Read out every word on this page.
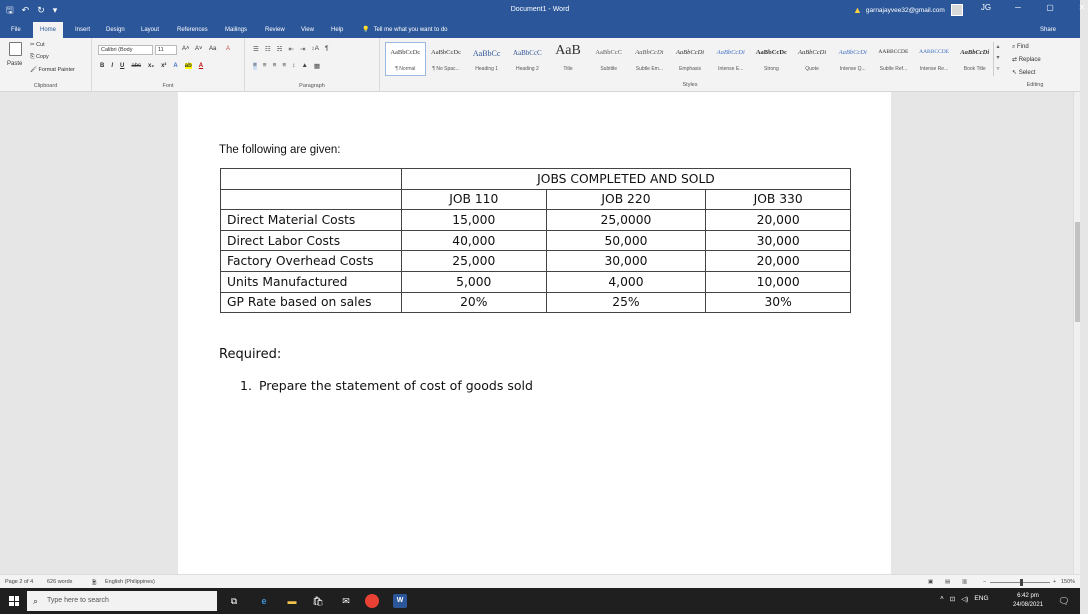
🖫 ↶ ↻ ▾	Document1 - Word	▲ garnajayvee32@gmail.com	JG	─	▢	✕
File	Home	Insert	Design	Layout	References	Mailings	Review	View	Help	💡 Tell me what you want to do	Share
Paste
✂ Cut
⎘ Copy
🖌 Format Painter
Clipboard
Calibri (Body	11	A˄ A˅ Aa A
B I U abc x₂ x² A ab A
Font
☰ ☷ ☵ ⇤ ⇥ ↕A ¶
≡ ≡ ≡ ≡ ↕ ▲ ▦
Paragraph
AaBbCcDc
¶ Normal
AaBbCcDc
¶ No Spac...
AaBbCc
Heading 1
AaBbCcC
Heading 2
AaB
Title
AaBbCcC
Subtitle
AaBbCcDi
Subtle Em...
AaBbCcDi
Emphasis
AaBbCcDi
Intense E...
AaBbCcDc
Strong
AaBbCcDi
Quote
AaBbCcDi
Intense Q...
AABBCCDE
Subtle Ref...
AABBCCDE
Intense Re...
AaBbCcDi
Book Title
▴
▾
▿
Styles
⌕ Find
⇄ Replace
↖ Select
Editing
The following are given:
	JOBS COMPLETED AND SOLD		
	JOB 110	JOB 220	JOB 330
Direct Material Costs	15,000	25,0000	20,000
Direct Labor Costs	40,000	50,000	30,000
Factory Overhead Costs	25,000	30,000	20,000
Units Manufactured	5,000	4,000	10,000
GP Rate based on sales	20%	25%	30%
Required:
1. Prepare the statement of cost of goods sold
Page 2 of 4	626 words	🗎 English (Philippines)	▣ ▤ ▥	−	+ 150%
⌕ Type here to search	⧉	e	▬ 🛍	✉	W	˄ ⊡ ◁) ENG	6:42 pm
24/08/2021 🗨
